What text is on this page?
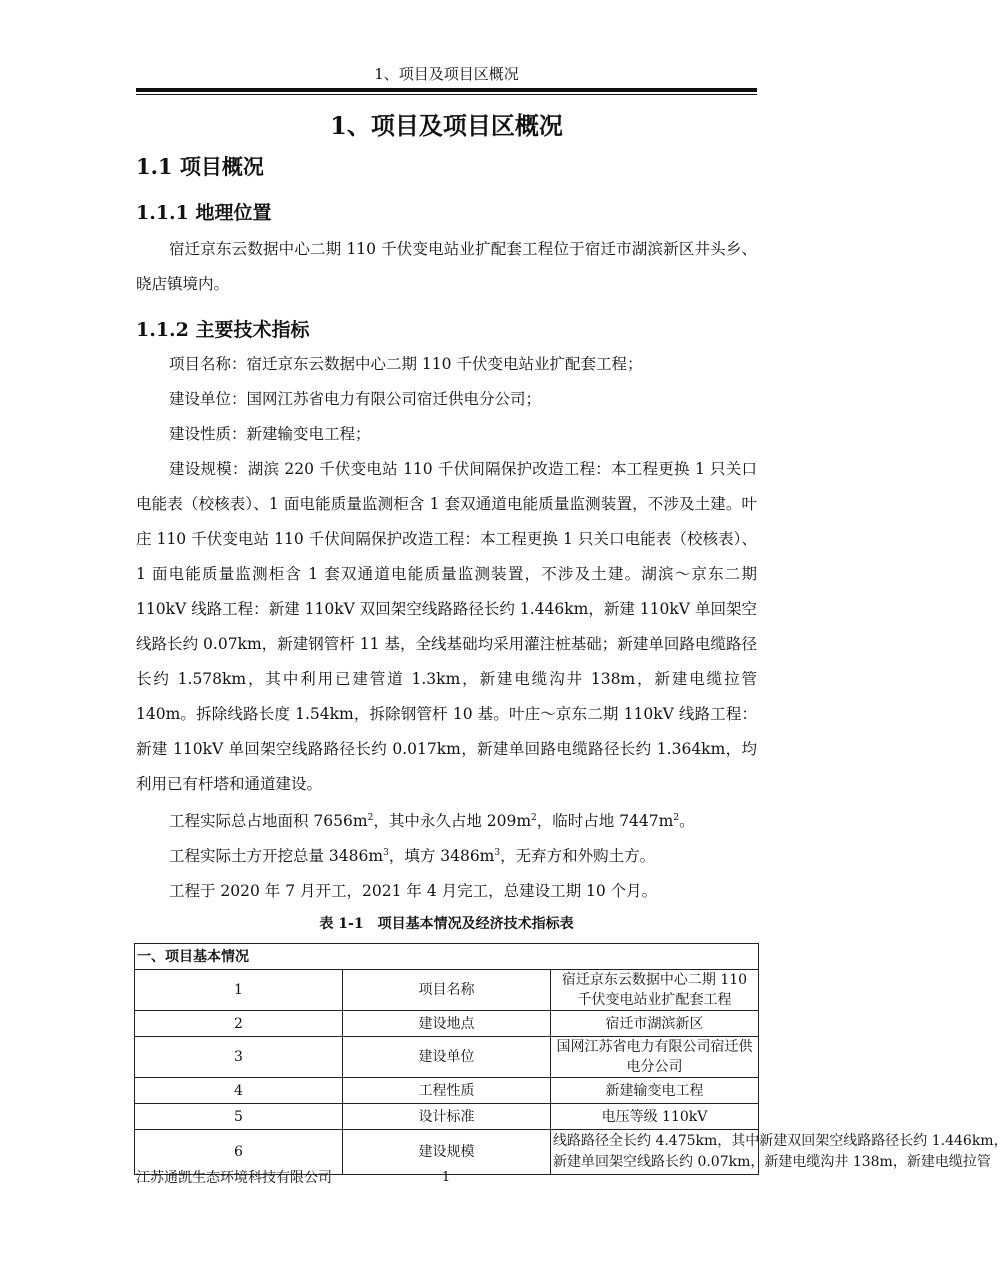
1、项目及项目区概况
1、项目及项目区概况
1.1 项目概况
1.1.1 地理位置

宿迁京东云数据中心二期 110 千伏变电站业扩配套工程位于宿迁市湖滨新区井头乡、晓店镇境内。

1.1.2 主要技术指标
项目名称：宿迁京东云数据中心二期 110 千伏变电站业扩配套工程；
建设单位：国网江苏省电力有限公司宿迁供电分公司；
建设性质：新建输变电工程；

建设规模：湖滨 220 千伏变电站 110 千伏间隔保护改造工程：本工程更换 1 只关口电能表（校核表）、1 面电能质量监测柜含 1 套双通道电能质量监测装置，不涉及土建。叶庄 110 千伏变电站 110 千伏间隔保护改造工程：本工程更换 1 只关口电能表（校核表）、1 面电能质量监测柜含 1 套双通道电能质量监测装置，不涉及土建。湖滨～京东二期 110kV 线路工程：新建 110kV 双回架空线路路径长约 1.446km，新建 110kV 单回架空线路长约 0.07km，新建钢管杆 11 基，全线基础均采用灌注桩基础；新建单回路电缆路径长约 1.578km，其中利用已建管道 1.3km，新建电缆沟井 138m，新建电缆拉管 140m。拆除线路长度 1.54km，拆除钢管杆 10 基。叶庄～京东二期 110kV 线路工程：新建 110kV 单回架空线路路径长约 0.017km，新建单回路电缆路径长约 1.364km，均利用已有杆塔和通道建设。

工程实际总占地面积 $7656m^2$，其中永久占地 $209m^2$，临时占地 $7447m^2$。
工程实际土方开挖总量 $3486m^3$，填方 $3486m^3$，无弃方和外购土方。
工程于 2020 年 7 月开工，2021 年 4 月完工，总建设工期 10 个月。
表 1-1　项目基本情况及经济技术指标表
一、项目基本情况		
1	项目名称	宿迁京东云数据中心二期 110 千伏变电站业扩配套工程
2	建设地点	宿迁市湖滨新区
3	建设单位	国网江苏省电力有限公司宿迁供电分公司
4	工程性质	新建输变电工程
5	设计标准	电压等级 110kV
6	建设规模	线路路径全长约 4.475km，其中新建双回架空线路路径长约 1.446km，
新建单回架空线路长约 0.07km，新建电缆沟井 138m，新建电缆拉管
江苏通凯生态环境科技有限公司	1
